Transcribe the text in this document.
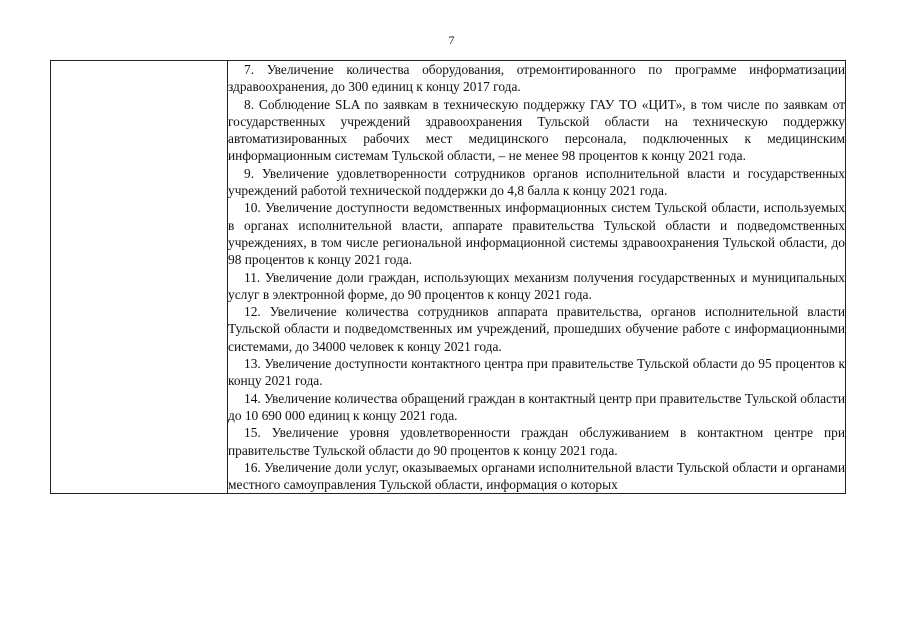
7

7. Увеличение количества оборудования, отремонтированного по программе информатизации здравоохранения, до 300 единиц к концу 2017 года.

8. Соблюдение SLA по заявкам в техническую поддержку ГАУ ТО «ЦИТ», в том числе по заявкам от государственных учреждений здравоохранения Тульской области на техническую поддержку автоматизированных рабочих мест медицинского персонала, подключенных к медицинским информационным системам Тульской области, – не менее 98 процентов к концу 2021 года.

9. Увеличение удовлетворенности сотрудников органов исполнительной власти и государственных учреждений работой технической поддержки до 4,8 балла к концу 2021 года.

10. Увеличение доступности ведомственных информационных систем Тульской области, используемых в органах исполнительной власти, аппарате правительства Тульской области и подведомственных учреждениях, в том числе региональной информационной системы здравоохранения Тульской области, до 98 процентов к концу 2021 года.

11. Увеличение доли граждан, использующих механизм получения государственных и муниципальных услуг в электронной форме, до 90 процентов к концу 2021 года.

12. Увеличение количества сотрудников аппарата правительства, органов исполнительной власти Тульской области и подведомственных им учреждений, прошедших обучение работе с информационными системами, до 34000 человек к концу 2021 года.

13. Увеличение доступности контактного центра при правительстве Тульской области до 95 процентов к концу 2021 года.

14. Увеличение количества обращений граждан в контактный центр при правительстве Тульской области до 10 690 000 единиц к концу 2021 года.

15. Увеличение уровня удовлетворенности граждан обслуживанием в контактном центре при правительстве Тульской области до 90 процентов к концу 2021 года.

16. Увеличение доли услуг, оказываемых органами исполнительной власти Тульской области и органами местного самоуправления Тульской области, информация о которых
